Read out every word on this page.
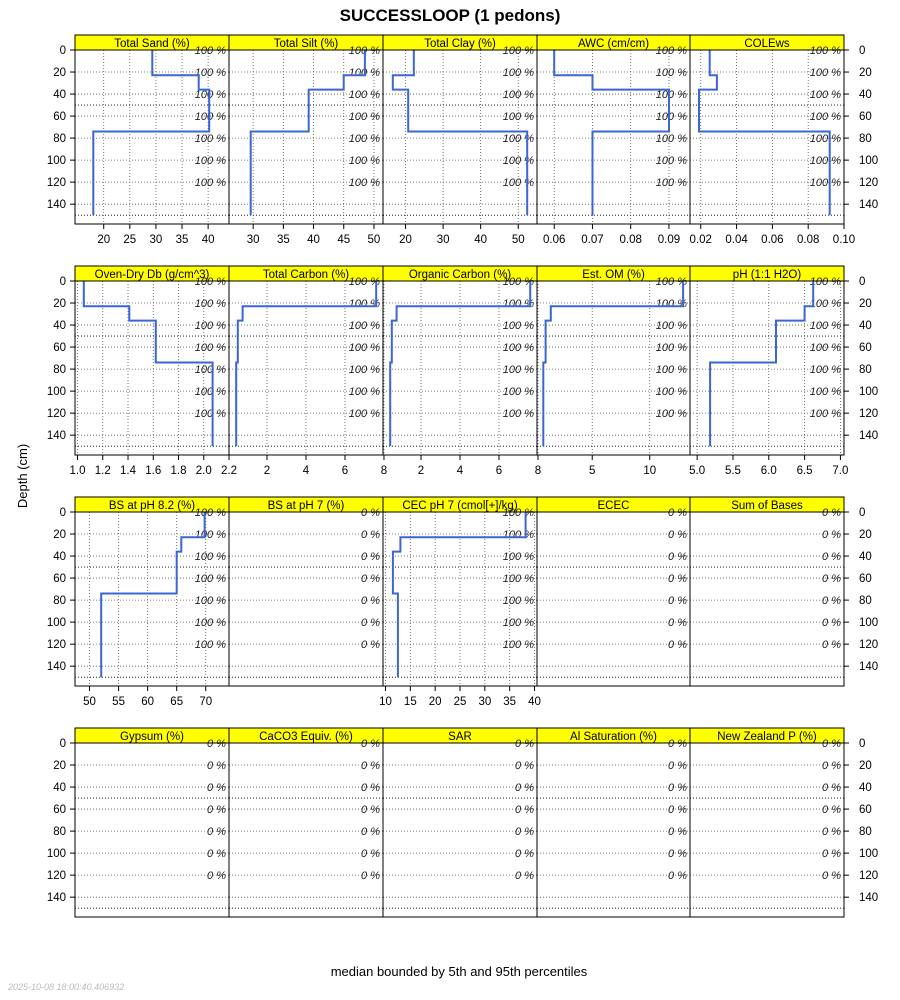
SUCCESSLOOP (1 pedons)
Depth (cm)
median bounded by 5th and 95th percentiles
2025-10-08 18:00:40.406932
0	0
20	20
40	40
60	60
80	80
100	100
120	120
140	140
Total Sand (%)
20 25 30 35 40
100 %
100 %
100 %
100 %
100 %
100 %
100 %
Total Silt (%)
30 35 40 45 50
100 %
100 %
100 %
100 %
100 %
100 %
100 %
Total Clay (%)
20 30 40 50
100 %
100 %
100 %
100 %
100 %
100 %
100 %
AWC (cm/cm)
0.06 0.07 0.08 0.09
100 %
100 %
100 %
100 %
100 %
100 %
100 %
COLEws
0.02 0.04 0.06 0.08 0.10
100 %
100 %
100 %
100 %
100 %
100 %
100 %
0	0
20	20
40	40
60	60
80	80
100	100
120	120
140	140
Oven-Dry Db (g/cm^3)
1.0 1.2 1.4 1.6 1.8 2.0 2.2
100 %
100 %
100 %
100 %
100 %
100 %
100 %
Total Carbon (%)
2	4	6	8
100 %
100 %
100 %
100 %
100 %
100 %
100 %
Organic Carbon (%)
2	4	6	8
100 %
100 %
100 %
100 %
100 %
100 %
100 %
Est. OM (%)
5	10
100 %
100 %
100 %
100 %
100 %
100 %
100 %
pH (1:1 H2O)
5.0 5.5 6.0 6.5 7.0
100 %
100 %
100 %
100 %
100 %
100 %
100 %
0	0
20	20
40	40
60	60
80	80
100	100
120	120
140	140
BS at pH 8.2 (%)
50 55 60 65 70
100 %
100 %
100 %
100 %
100 %
100 %
100 %
BS at pH 7 (%)
0 %
0 %
0 %
0 %
0 %
0 %
0 %
CEC pH 7 (cmol[+]/kg)
10 15 20 25 30 35 40
100 %
100 %
100 %
100 %
100 %
100 %
100 %
ECEC
0 %
0 %
0 %
0 %
0 %
0 %
0 %
Sum of Bases
0 %
0 %
0 %
0 %
0 %
0 %
0 %
0	0
20	20
40	40
60	60
80	80
100	100
120	120
140	140
Gypsum (%)
0 %
0 %
0 %
0 %
0 %
0 %
0 %
CaCO3 Equiv. (%)
0 %
0 %
0 %
0 %
0 %
0 %
0 %
SAR
0 %
0 %
0 %
0 %
0 %
0 %
0 %
Al Saturation (%)
0 %
0 %
0 %
0 %
0 %
0 %
0 %
New Zealand P (%)
0 %
0 %
0 %
0 %
0 %
0 %
0 %
